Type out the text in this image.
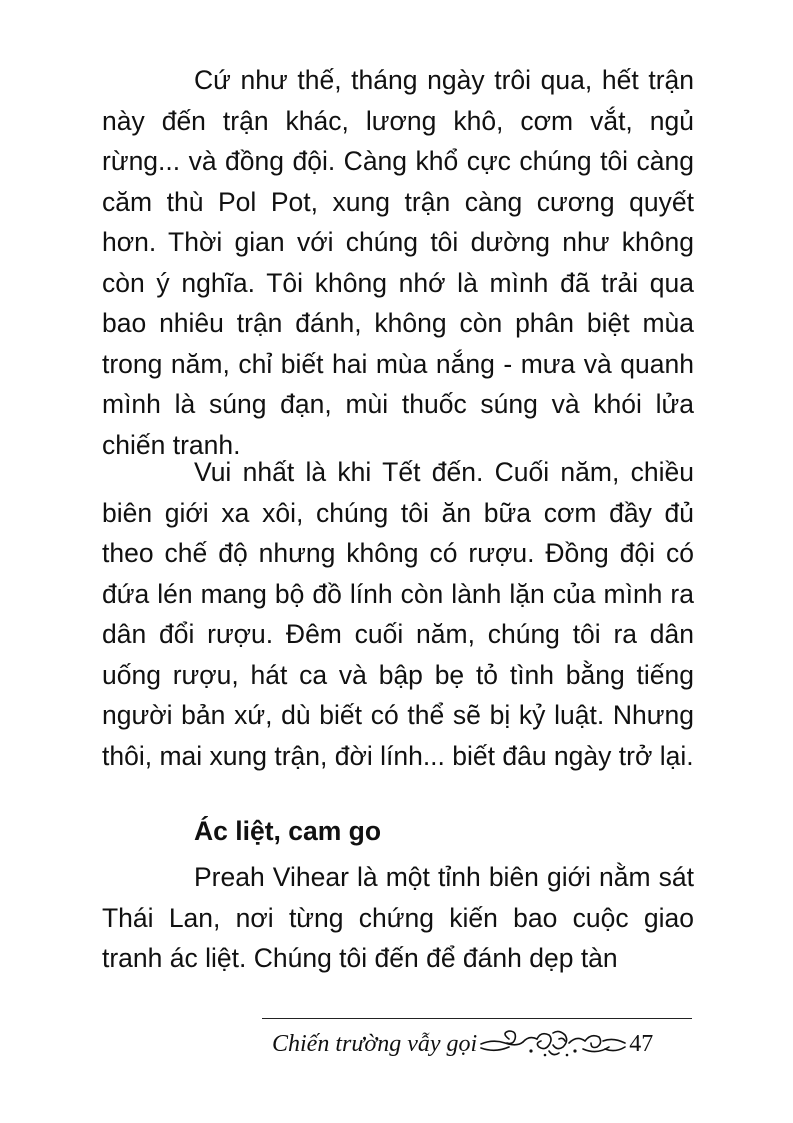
Cứ như thế, tháng ngày trôi qua, hết trận này đến trận khác, lương khô, cơm vắt, ngủ rừng... và đồng đội. Càng khổ cực chúng tôi càng căm thù Pol Pot, xung trận càng cương quyết hơn. Thời gian với chúng tôi dường như không còn ý nghĩa. Tôi không nhớ là mình đã trải qua bao nhiêu trận đánh, không còn phân biệt mùa trong năm, chỉ biết hai mùa nắng - mưa và quanh mình là súng đạn, mùi thuốc súng và khói lửa chiến tranh.

Vui nhất là khi Tết đến. Cuối năm, chiều biên giới xa xôi, chúng tôi ăn bữa cơm đầy đủ theo chế độ nhưng không có rượu. Đồng đội có đứa lén mang bộ đồ lính còn lành lặn của mình ra dân đổi rượu. Đêm cuối năm, chúng tôi ra dân uống rượu, hát ca và bập bẹ tỏ tình bằng tiếng người bản xứ, dù biết có thể sẽ bị kỷ luật. Nhưng thôi, mai xung trận, đời lính... biết đâu ngày trở lại.

Ác liệt, cam go

Preah Vihear là một tỉnh biên giới nằm sát Thái Lan, nơi từng chứng kiến bao cuộc giao tranh ác liệt. Chúng tôi đến để đánh dẹp tàn

Chiến trường vẫy gọi	47
